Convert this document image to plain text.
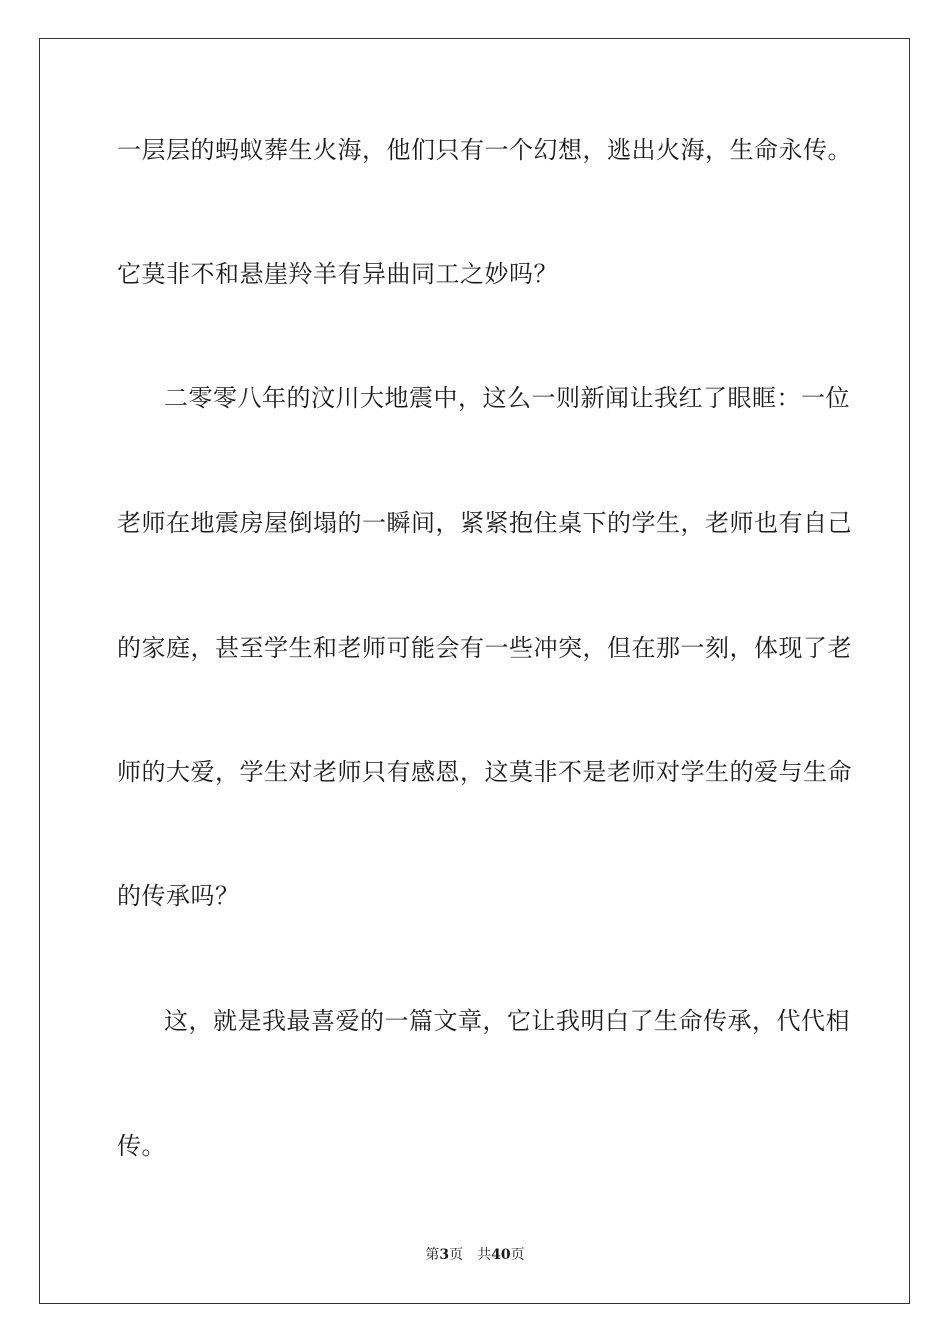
一层层的蚂蚁葬生火海，他们只有一个幻想，逃出火海，生命永传。
它莫非不和悬崖羚羊有异曲同工之妙吗？
二零零八年的汶川大地震中，这么一则新闻让我红了眼眶：一位
老师在地震房屋倒塌的一瞬间，紧紧抱住桌下的学生，老师也有自己
的家庭，甚至学生和老师可能会有一些冲突，但在那一刻，体现了老
师的大爱，学生对老师只有感恩，这莫非不是老师对学生的爱与生命
的传承吗？
这，就是我最喜爱的一篇文章，它让我明白了生命传承，代代相
传。
第3页 共40页
